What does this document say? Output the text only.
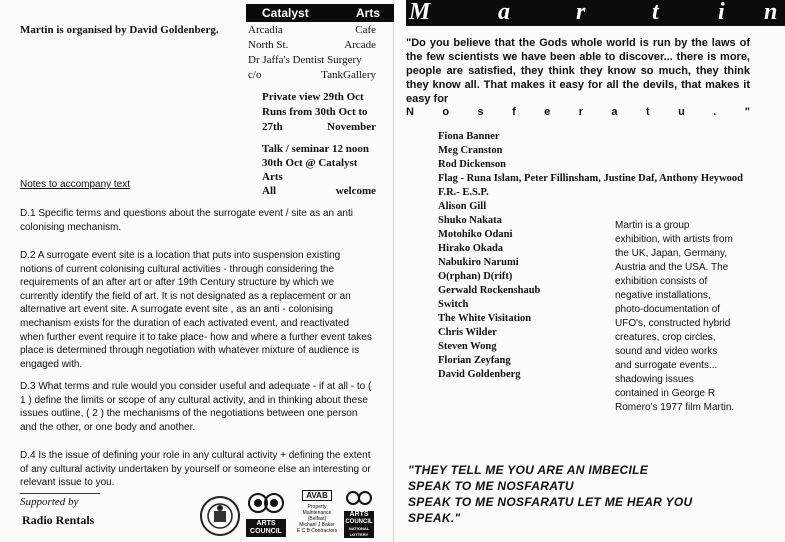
Martin is organised by David Goldenberg.
Catalyst	Arts
Arcadia	Cafe
North St.	Arcade
Dr Jaffa's Dentist Surgery
c/o	TankGallery
Private view 29th Oct
Runs from 30th Oct to
27th	November
Talk / seminar 12 noon
30th Oct @ Catalyst Arts
All	welcome
Notes to accompany text
D.1 Specific terms and questions about the surrogate event / site as an anti colonising mechanism.
D.2 A surrogate event site is a location that puts into suspension existing notions of current colonising cultural activities - through considering the requirements of an after art or after 19th Century structure by which we currently identify the field of art. It is not designated as a replacement or an alternative art event site. A surrogate event site , as an anti - colonising mechanism exists for the duration of each activated event, and reactivated when further event require it to take place- how and where a further event takes place is determined through negotiation with whatever mixture of audience is engaged with.
D.3 What terms and rule would you consider useful and adequate - if at all - to ( 1 ) define the limits or scope of any cultural activity, and in thinking about these issues outline, ( 2 ) the mechanisms of the negotiations between one person and the other, or one body and another.
D.4 Is the issue of defining your role in any cultural activity + defining the extent of any cultural activity undertaken by yourself or someone else an interesting or relevant issue to you.
Supported by
Radio Rentals	ARTS COUNCIL
AVAB
Property Maintenance (Belfast)
Michael J Baker
E C B Contractors
ARTS
COUNCIL
NATIONAL LOTTERY
M	a	r	t i n
"Do you believe that the Gods whole world is run by the laws of the few scientists we have been able to discover... there is more, people are satisfied, they think they know so much, they think they know all. That makes it easy for all the devils, that makes it easy for
N	o	s	f	e	r	a	t	u	.	"
Fiona Banner
Meg Cranston
Rod Dickenson
Flag - Runa Islam, Peter Fillinsham, Justine Daf, Anthony Heywood
F.R.- E.S.P.
Alison Gill
Shuko Nakata
Motohiko Odani
Hirako Okada
Nabukiro Narumi
O(rphan) D(rift)
Gerwald Rockenshaub
Switch
The White Visitation
Chris Wilder
Steven Wong
Florian Zeyfang
David Goldenberg
Martin is a group exhibition, with artists from the UK, Japan, Germany, Austria and the USA. The exhibition consists of negative installations, photo-documentation of UFO's, constructed hybrid creatures, crop circles, sound and video works and surrogate events... shadowing issues contained in George R Romero's 1977 film Martin.
"THEY TELL ME YOU ARE AN IMBECILE
SPEAK TO ME NOSFARATU
SPEAK TO ME NOSFARATU LET ME HEAR YOU
SPEAK."
